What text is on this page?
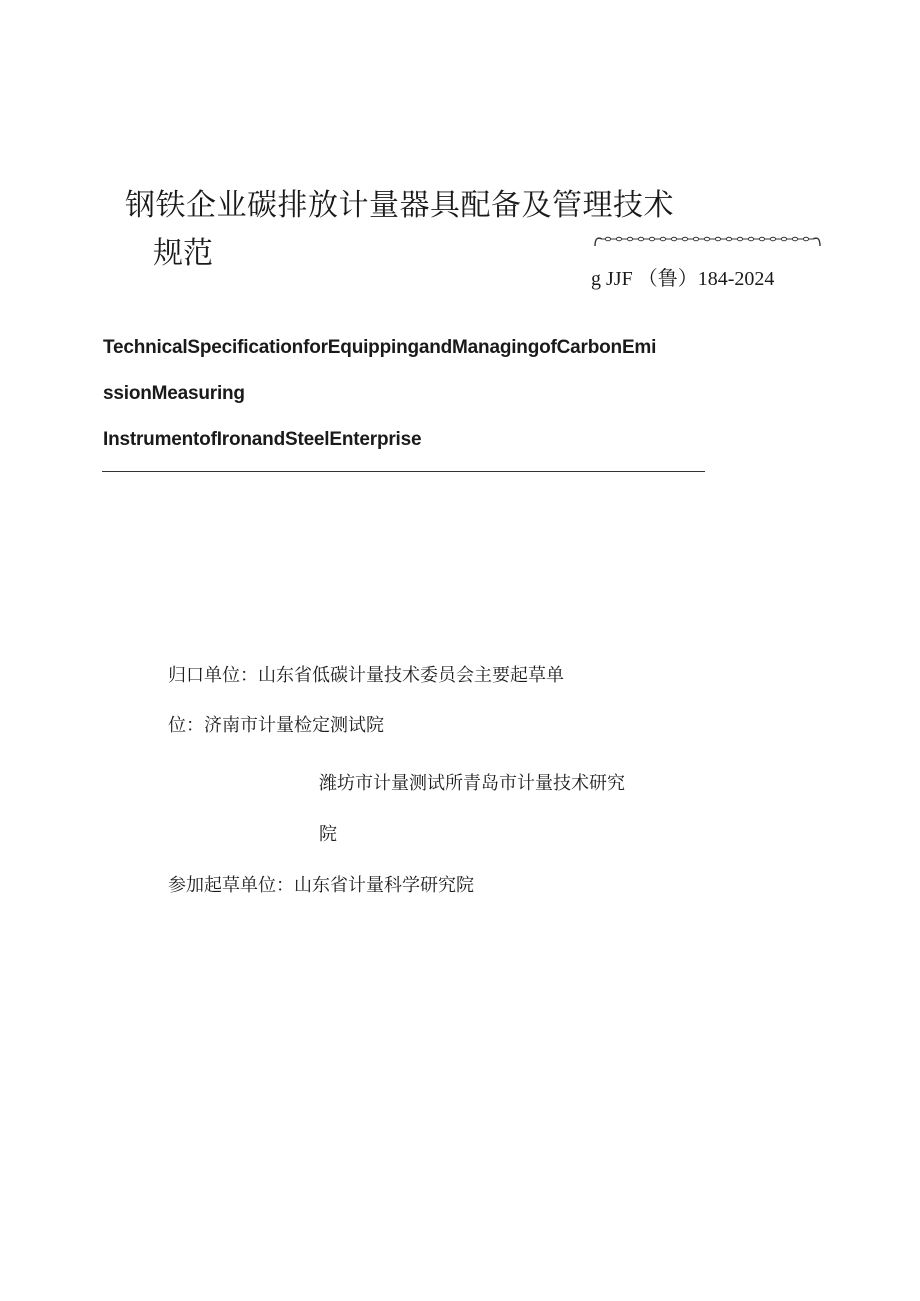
钢铁企业碳排放计量器具配备及管理技术
规范
g JJF （鲁）184-2024
TechnicalSpecificationforEquippingandManagingofCarbonEmi
ssionMeasuring
InstrumentofIronandSteelEnterprise
归口单位：山东省低碳计量技术委员会主要起草单
位：济南市计量检定测试院
潍坊市计量测试所青岛市计量技术研究
院
参加起草单位：山东省计量科学研究院
